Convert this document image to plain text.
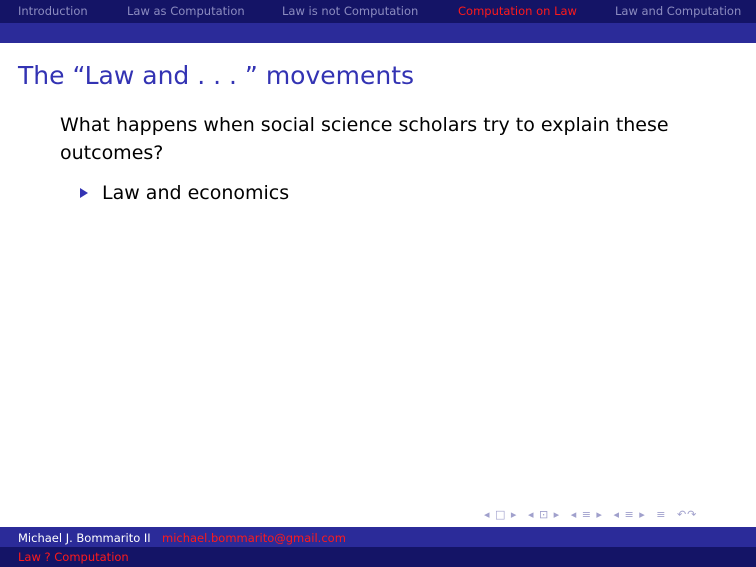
Introduction	Law as Computation	Law is not Computation	Computation on Law	Law and Computation
The “Law and . . . ” movements
What happens when social science scholars try to explain these outcomes?
Law and economics
◂ □ ▸ ◂ ⊡ ▸ ◂ ≡ ▸ ◂ ≡ ▸ ≡ ↶↷
Michael J. Bommarito II michael.bommarito@gmail.com
Law ? Computation
